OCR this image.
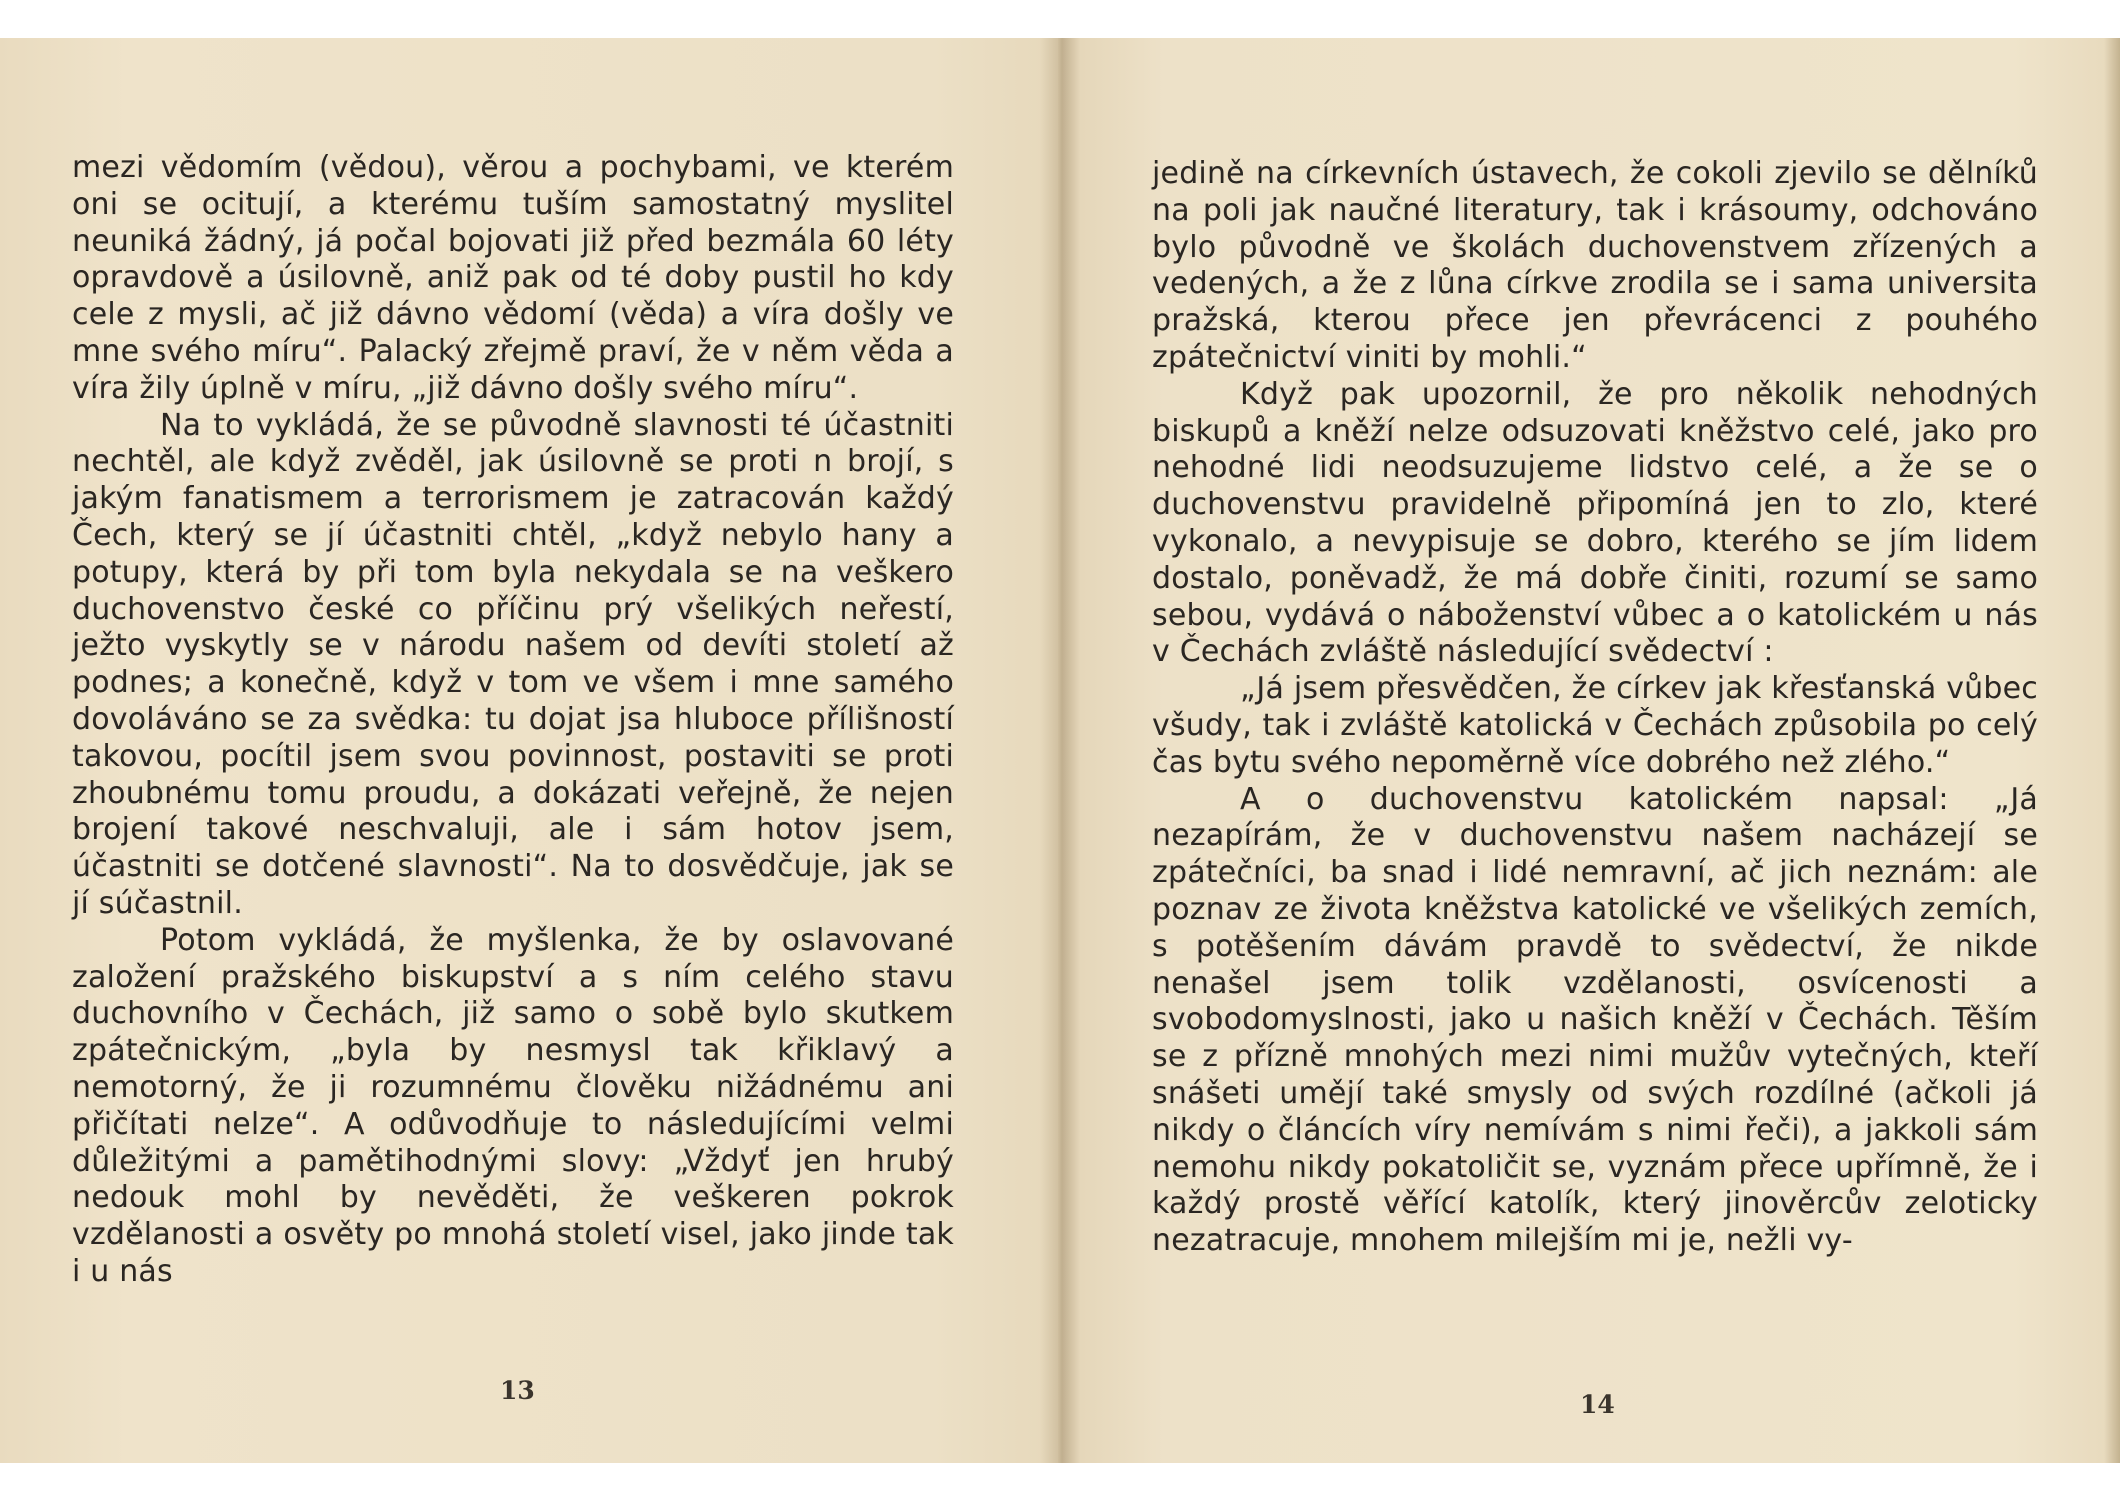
mezi vědomím (vědou), věrou a pochybami, ve kterém oni se ocitují, a kterému tuším samostatný myslitel neuniká žádný, já počal bojovati již před bezmála 60 léty opravdově a úsilovně, aniž pak od té doby pustil ho kdy cele z mysli, ač již dávno vědomí (věda) a víra došly ve mne svého míru“. Palacký zřejmě praví, že v něm věda a víra žily úplně v míru, „již dávno došly svého míru“.

Na to vykládá, že se původně slavnosti té účastniti nechtěl, ale když zvěděl, jak úsilovně se proti n brojí, s jakým fanatismem a terrorismem je zatracován každý Čech, který se jí účastniti chtěl, „když nebylo hany a potupy, která by při tom byla nekydala se na veškero duchovenstvo české co příčinu prý všelikých neřestí, ježto vyskytly se v národu našem od devíti století až podnes; a konečně, když v tom ve všem i mne samého dovoláváno se za svědka: tu dojat jsa hluboce přílišností takovou, pocítil jsem svou povinnost, postaviti se proti zhoubnému tomu proudu, a dokázati veřejně, že nejen brojení takové neschvaluji, ale i sám hotov jsem, účastniti se dotčené slavnosti“. Na to dosvědčuje, jak se jí súčastnil.

Potom vykládá, že myšlenka, že by oslavované založení pražského biskupství a s ním celého stavu duchovního v Čechách, již samo o sobě bylo skutkem zpátečnickým, „byla by nesmysl tak křiklavý a nemotorný, že ji rozumnému člověku nižádnému ani přičítati nelze“. A odůvodňuje to následujícími velmi důležitými a pamětihodnými slovy: „Vždyť jen hrubý nedouk mohl by nevěděti, že veškeren pokrok vzdělanosti a osvěty po mnohá století visel, jako jinde tak i u nás

13

jedině na církevních ústavech, že cokoli zjevilo se dělníků na poli jak naučné literatury, tak i krásoumy, odchováno bylo původně ve školách duchovenstvem zřízených a vedených, a že z lůna církve zrodila se i sama universita pražská, kterou přece jen převrácenci z pouhého zpátečnictví viniti by mohli.“

Když pak upozornil, že pro několik nehodných biskupů a kněží nelze odsuzovati kněžstvo celé, jako pro nehodné lidi neodsuzujeme lidstvo celé, a že se o duchovenstvu pravidelně připomíná jen to zlo, které vykonalo, a nevypisuje se dobro, kterého se jím lidem dostalo, poněvadž, že má dobře činiti, rozumí se samo sebou, vydává o náboženství vůbec a o katolickém u nás v Čechách zvláště následující svědectví :

„Já jsem přesvědčen, že církev jak křesťanská vůbec všudy, tak i zvláště katolická v Čechách způsobila po celý čas bytu svého nepoměrně více dobrého než zlého.“

A o duchovenstvu katolickém napsal: „Já nezapírám, že v duchovenstvu našem nacházejí se zpátečníci, ba snad i lidé nemravní, ač jich neznám: ale poznav ze života kněžstva katolické ve všelikých zemích, s potěšením dávám pravdě to svědectví, že nikde nenašel jsem tolik vzdělanosti, osvícenosti a svobodomyslnosti, jako u našich kněží v Čechách. Těším se z přízně mnohých mezi nimi mužův vytečných, kteří snášeti umějí také smysly od svých rozdílné (ačkoli já nikdy o článcích víry nemívám s nimi řeči), a jakkoli sám nemohu nikdy pokatoličit se, vyznám přece upřímně, že i každý prostě věřící katolík, který jinověrcův zeloticky nezatracuje, mnohem milejším mi je, nežli vy-

14
